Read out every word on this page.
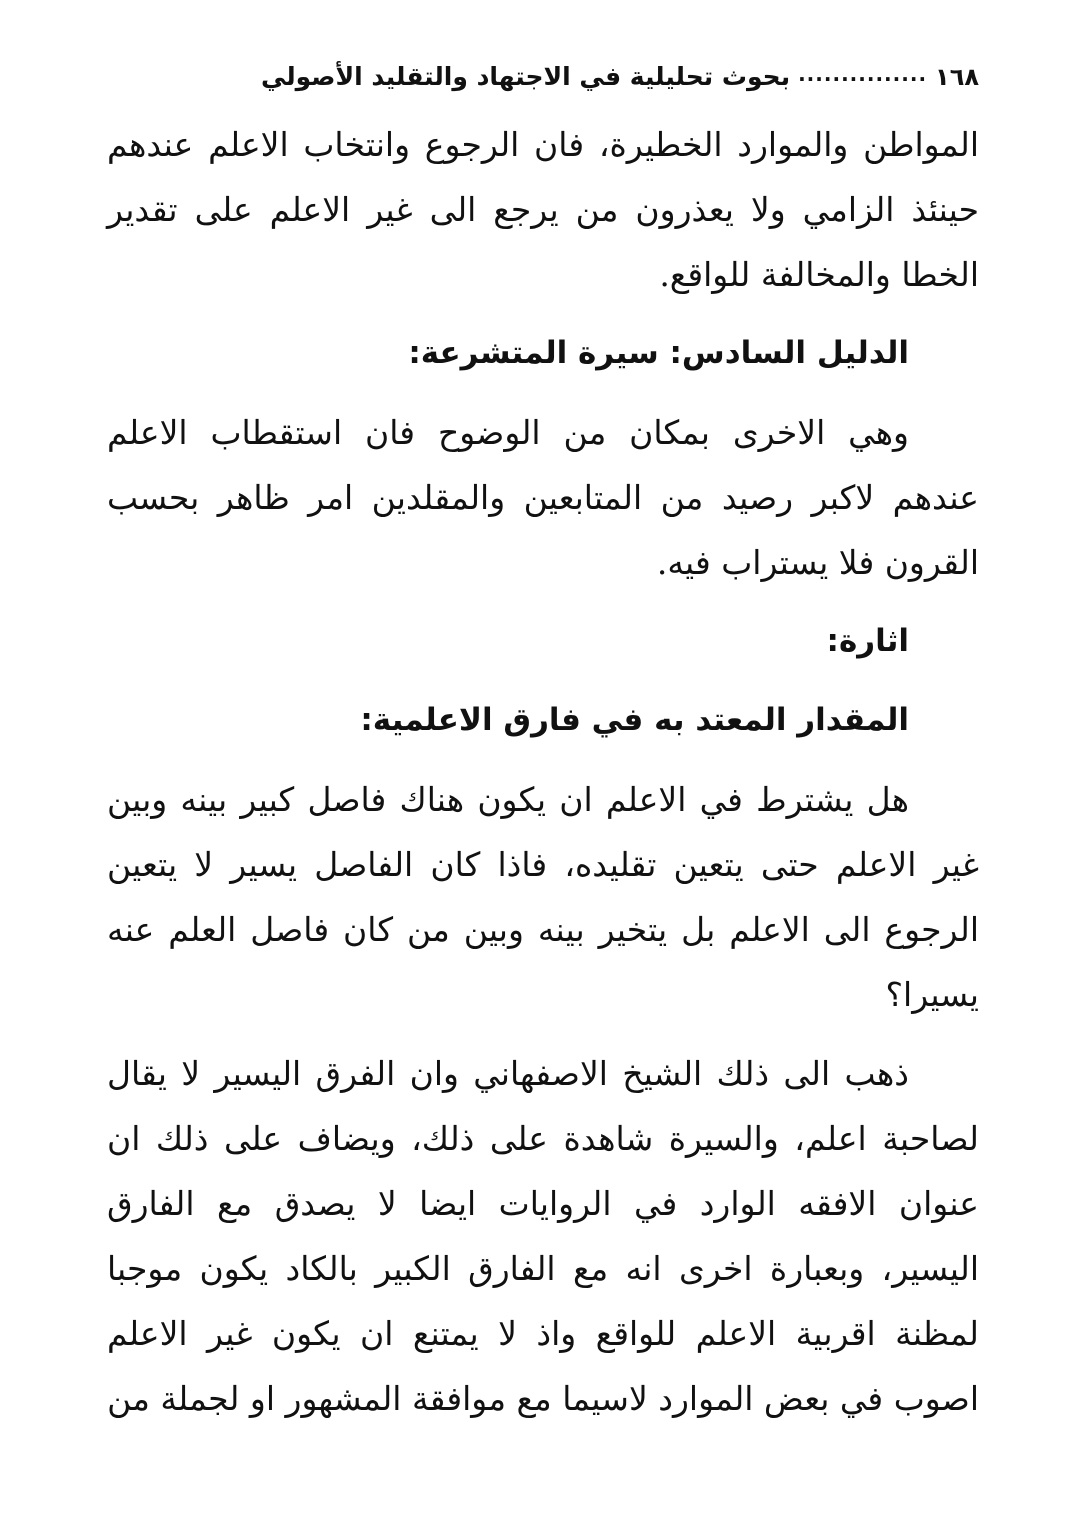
١٦٨
...............
بحوث تحليلية في الاجتهاد والتقليد الأصولي

المواطن والموارد الخطيرة، فان الرجوع وانتخاب الاعلم عندهم حينئذ الزامي ولا يعذرون من يرجع الى غير الاعلم على تقدير الخطا والمخالفة للواقع.

الدليل السادس: سيرة المتشرعة:

وهي الاخرى بمكان من الوضوح فان استقطاب الاعلم عندهم لاكبر رصيد من المتابعين والمقلدين امر ظاهر بحسب القرون فلا يستراب فيه.

اثارة:

المقدار المعتد به في فارق الاعلمية:

هل يشترط في الاعلم ان يكون هناك فاصل كبير بينه وبين غير الاعلم حتى يتعين تقليده، فاذا كان الفاصل يسير لا يتعين الرجوع الى الاعلم بل يتخير بينه وبين من كان فاصل العلم عنه يسيرا؟

ذهب الى ذلك الشيخ الاصفهاني وان الفرق اليسير لا يقال لصاحبة اعلم، والسيرة شاهدة على ذلك، ويضاف على ذلك ان عنوان الافقه الوارد في الروايات ايضا لا يصدق مع الفارق اليسير، وبعبارة اخرى انه مع الفارق الكبير بالكاد يكون موجبا لمظنة اقربية الاعلم للواقع واذ لا يمتنع ان يكون غير الاعلم اصوب في بعض الموارد لاسيما مع موافقة المشهور او لجملة من
